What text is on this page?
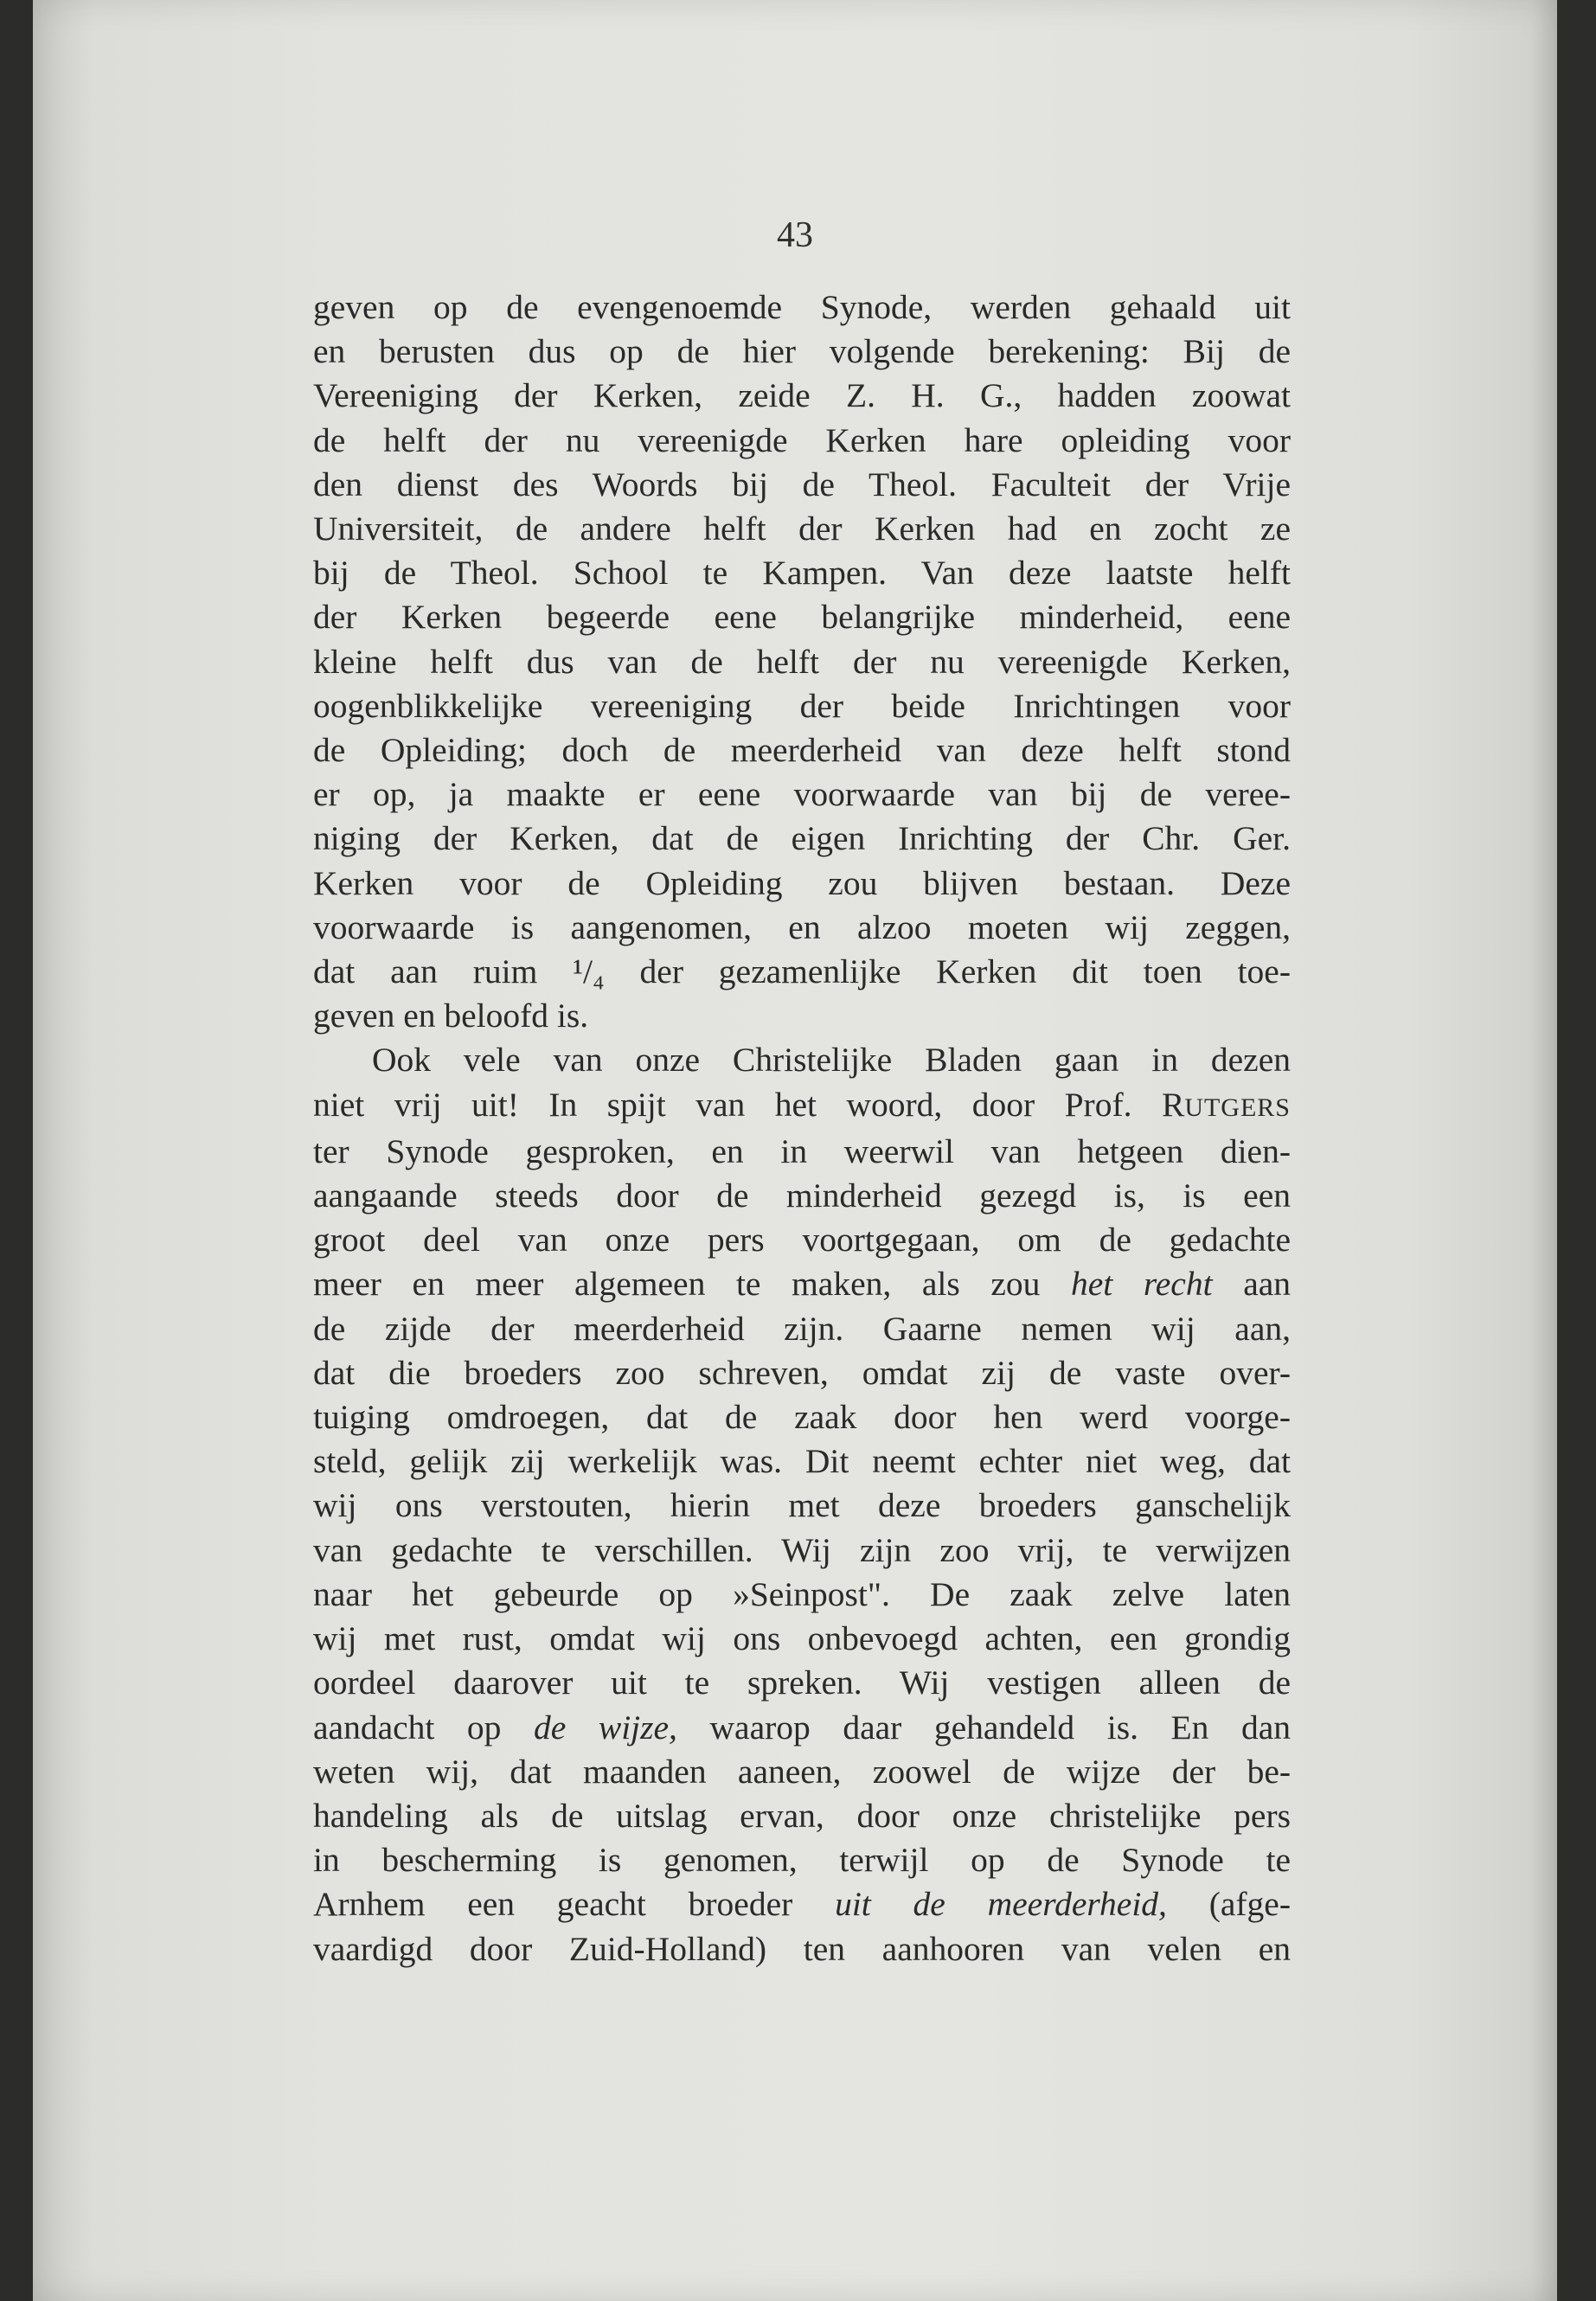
43

geven op de evengenoemde Synode, werden gehaald uit
en berusten dus op de hier volgende berekening: Bij de
Vereeniging der Kerken, zeide Z. H. G., hadden zoowat
de helft der nu vereenigde Kerken hare opleiding voor
den dienst des Woords bij de Theol. Faculteit der Vrije
Universiteit, de andere helft der Kerken had en zocht ze
bij de Theol. School te Kampen. Van deze laatste helft
der Kerken begeerde eene belangrijke minderheid, eene
kleine helft dus van de helft der nu vereenigde Kerken,
oogenblikkelijke vereeniging der beide Inrichtingen voor
de Opleiding; doch de meerderheid van deze helft stond
er op, ja maakte er eene voorwaarde van bij de veree-
niging der Kerken, dat de eigen Inrichting der Chr. Ger.
Kerken voor de Opleiding zou blijven bestaan. Deze
voorwaarde is aangenomen, en alzoo moeten wij zeggen,
dat aan ruim ¹/₄ der gezamenlijke Kerken dit toen toe-
geven en beloofd is.
Ook vele van onze Christelijke Bladen gaan in dezen
niet vrij uit! In spijt van het woord, door Prof. RUTGERS
ter Synode gesproken, en in weerwil van hetgeen dien-
aangaande steeds door de minderheid gezegd is, is een
groot deel van onze pers voortgegaan, om de gedachte
meer en meer algemeen te maken, als zou het recht aan
de zijde der meerderheid zijn. Gaarne nemen wij aan,
dat die broeders zoo schreven, omdat zij de vaste over-
tuiging omdroegen, dat de zaak door hen werd voorge-
steld, gelijk zij werkelijk was. Dit neemt echter niet weg, dat
wij ons verstouten, hierin met deze broeders ganschelijk
van gedachte te verschillen. Wij zijn zoo vrij, te verwijzen
naar het gebeurde op »Seinpost". De zaak zelve laten
wij met rust, omdat wij ons onbevoegd achten, een grondig
oordeel daarover uit te spreken. Wij vestigen alleen de
aandacht op de wijze, waarop daar gehandeld is. En dan
weten wij, dat maanden aaneen, zoowel de wijze der be-
handeling als de uitslag ervan, door onze christelijke pers
in bescherming is genomen, terwijl op de Synode te
Arnhem een geacht broeder uit de meerderheid, (afge-
vaardigd door Zuid-Holland) ten aanhooren van velen en
